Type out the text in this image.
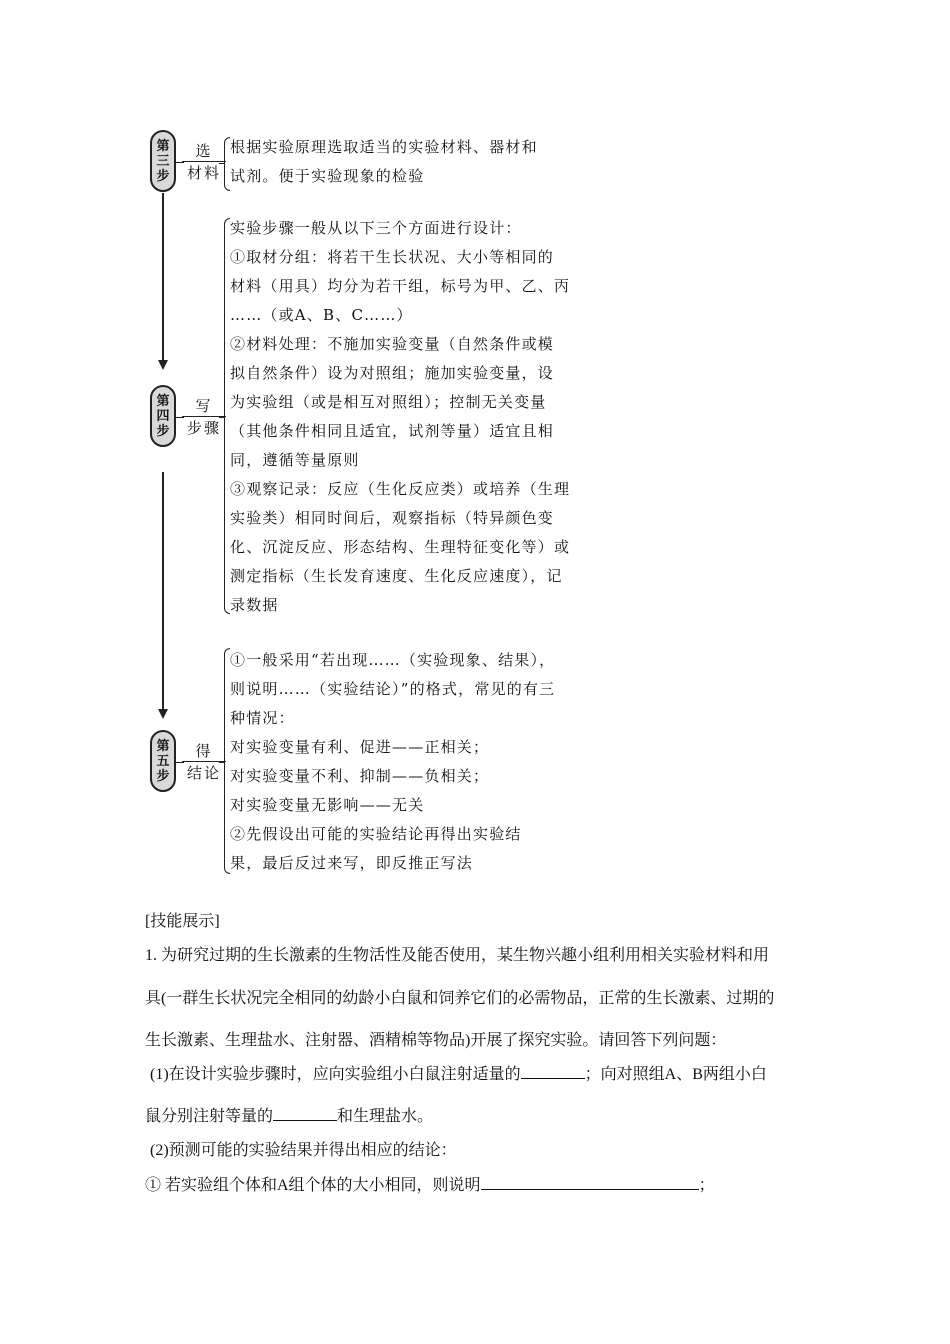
第
三
步
选
材料
根据实验原理选取适当的实验材料、器材和
试剂。便于实验现象的检验
第
四
步
写
步骤
实验步骤一般从以下三个方面进行设计：
①取材分组：将若干生长状况、大小等相同的
材料（用具）均分为若干组，标号为甲、乙、丙
……（或A、B、C……）
②材料处理：不施加实验变量（自然条件或模
拟自然条件）设为对照组；施加实验变量，设
为实验组（或是相互对照组）；控制无关变量
（其他条件相同且适宜，试剂等量）适宜且相
同，遵循等量原则
③观察记录：反应（生化反应类）或培养（生理
实验类）相同时间后，观察指标（特异颜色变
化、沉淀反应、形态结构、生理特征变化等）或
测定指标（生长发育速度、生化反应速度），记
录数据
第
五
步
得
结论
①一般采用“若出现……（实验现象、结果），
则说明……（实验结论）”的格式，常见的有三
种情况：
对实验变量有利、促进——正相关；
对实验变量不利、抑制——负相关；
对实验变量无影响——无关
②先假设出可能的实验结论再得出实验结
果，最后反过来写，即反推正写法
[技能展示]
1. 为研究过期的生长激素的生物活性及能否使用，某生物兴趣小组利用相关实验材料和用
具(一群生长状况完全相同的幼龄小白鼠和饲养它们的必需物品，正常的生长激素、过期的
生长激素、生理盐水、注射器、酒精棉等物品)开展了探究实验。请回答下列问题：
(1)在设计实验步骤时，应向实验组小白鼠注射适量的	；向对照组A、B两组小白
鼠分别注射等量的	和生理盐水。
(2)预测可能的实验结果并得出相应的结论：
① 若实验组个体和A组个体的大小相同，则说明	；
